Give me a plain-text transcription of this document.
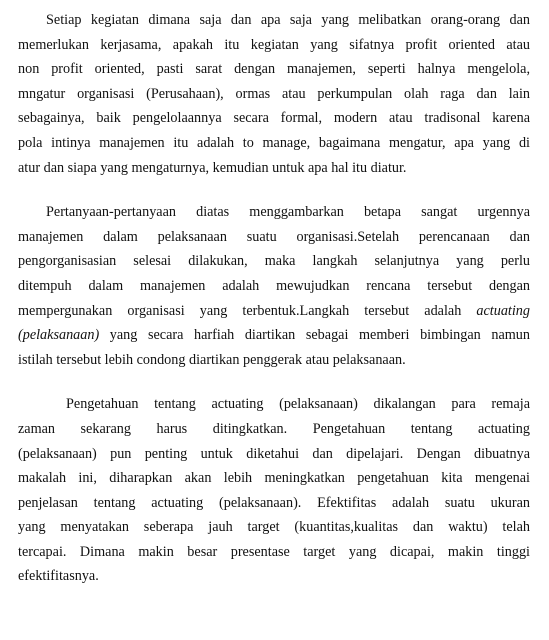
Setiap kegiatan dimana saja dan apa saja yang melibatkan orang-orang dan
memerlukan kerjasama, apakah itu kegiatan yang sifatnya profit oriented atau
non profit oriented, pasti sarat dengan manajemen, seperti halnya mengelola,
mngatur organisasi (Perusahaan), ormas atau perkumpulan olah raga dan lain
sebagainya, baik pengelolaannya secara formal, modern atau tradisonal karena
pola intinya manajemen itu adalah to manage, bagaimana mengatur, apa yang di
atur dan siapa yang mengaturnya, kemudian untuk apa hal itu diatur.
Pertanyaan-pertanyaan diatas menggambarkan betapa sangat urgennya
manajemen dalam pelaksanaan suatu organisasi.Setelah perencanaan dan
pengorganisasian selesai dilakukan, maka langkah selanjutnya yang perlu
ditempuh dalam manajemen adalah mewujudkan rencana tersebut dengan
mempergunakan organisasi yang terbentuk.Langkah tersebut adalah actuating
(pelaksanaan) yang secara harfiah diartikan sebagai memberi bimbingan namun
istilah tersebut lebih condong diartikan penggerak atau pelaksanaan.
Pengetahuan tentang actuating (pelaksanaan) dikalangan para remaja
zaman sekarang harus ditingkatkan. Pengetahuan tentang actuating
(pelaksanaan) pun penting untuk diketahui dan dipelajari. Dengan dibuatnya
makalah ini, diharapkan akan lebih meningkatkan pengetahuan kita mengenai
penjelasan tentang actuating (pelaksanaan). Efektifitas adalah suatu ukuran
yang menyatakan seberapa jauh target (kuantitas,kualitas dan waktu) telah
tercapai. Dimana makin besar presentase target yang dicapai, makin tinggi
efektifitasnya.
